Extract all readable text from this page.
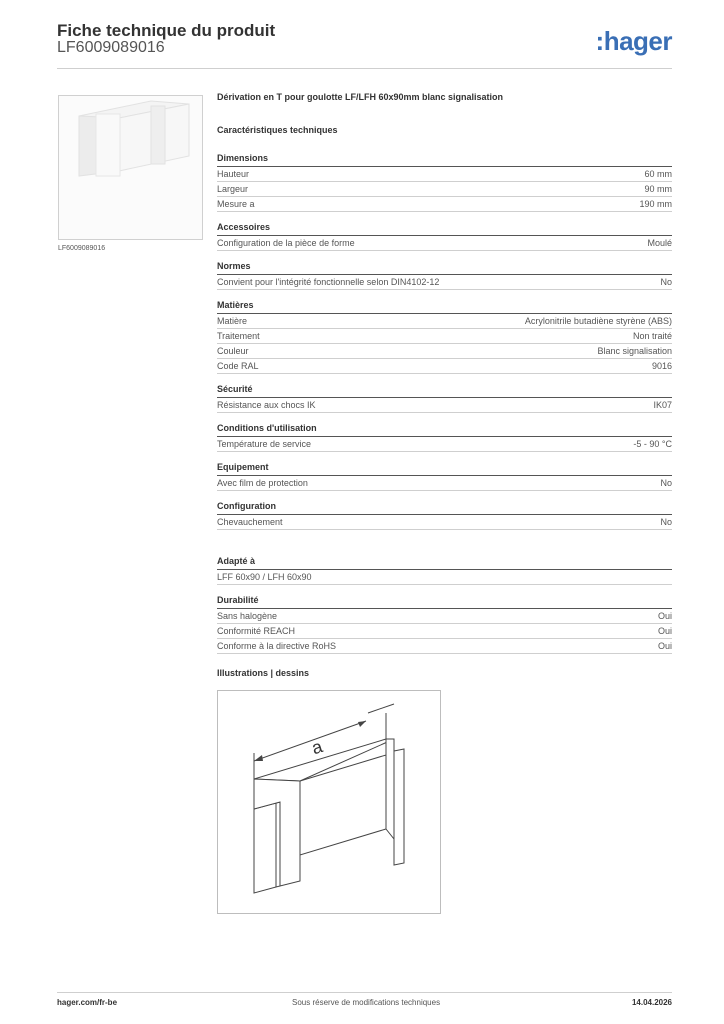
Fiche technique du produit
LF6009089016	:hager
LF6009089016
Dérivation en T pour goulotte LF/LFH 60x90mm blanc signalisation
Caractéristiques techniques
Dimensions
Hauteur	60 mm
Largeur	90 mm
Mesure a	190 mm
Accessoires
Configuration de la pièce de forme	Moulé
Normes
Convient pour l'intégrité fonctionnelle selon DIN4102-12	No
Matières
Matière	Acrylonitrile butadiène styrène (ABS)
Traitement	Non traité
Couleur	Blanc signalisation
Code RAL	9016
Sécurité
Résistance aux chocs IK	IK07
Conditions d'utilisation
Température de service	-5 - 90 °C
Equipement
Avec film de protection	No
Configuration
Chevauchement	No
Adapté à
LFF 60x90 / LFH 60x90
Durabilité
Sans halogène	Oui
Conformité REACH	Oui
Conforme à la directive RoHS	Oui
Illustrations | dessins
a
hager.com/fr-be	Sous réserve de modifications techniques	14.04.2026
